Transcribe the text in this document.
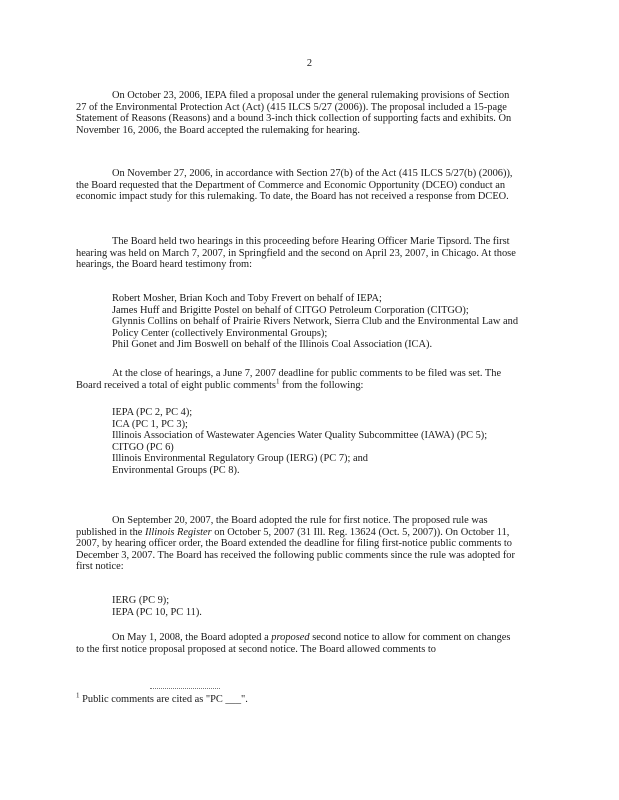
2

On October 23, 2006, IEPA filed a proposal under the general rulemaking provisions of Section 27 of the Environmental Protection Act (Act) (415 ILCS 5/27 (2006)). The proposal included a 15-page Statement of Reasons (Reasons) and a bound 3-inch thick collection of supporting facts and exhibits. On November 16, 2006, the Board accepted the rulemaking for hearing.

On November 27, 2006, in accordance with Section 27(b) of the Act (415 ILCS 5/27(b) (2006)), the Board requested that the Department of Commerce and Economic Opportunity (DCEO) conduct an economic impact study for this rulemaking. To date, the Board has not received a response from DCEO.

The Board held two hearings in this proceeding before Hearing Officer Marie Tipsord. The first hearing was held on March 7, 2007, in Springfield and the second on April 23, 2007, in Chicago. At those hearings, the Board heard testimony from:

Robert Mosher, Brian Koch and Toby Frevert on behalf of IEPA;
James Huff and Brigitte Postel on behalf of CITGO Petroleum Corporation (CITGO);
Glynnis Collins on behalf of Prairie Rivers Network, Sierra Club and the Environmental Law and Policy Center (collectively Environmental Groups);
Phil Gonet and Jim Boswell on behalf of the Illinois Coal Association (ICA).

At the close of hearings, a June 7, 2007 deadline for public comments to be filed was set. The Board received a total of eight public comments$^1$ from the following:

IEPA (PC 2, PC 4);
ICA (PC 1, PC 3);
Illinois Association of Wastewater Agencies Water Quality Subcommittee (IAWA) (PC 5);
CITGO (PC 6)
Illinois Environmental Regulatory Group (IERG) (PC 7); and
Environmental Groups (PC 8).

On September 20, 2007, the Board adopted the rule for first notice. The proposed rule was published in the Illinois Register on October 5, 2007 (31 Ill. Reg. 13624 (Oct. 5, 2007)). On October 11, 2007, by hearing officer order, the Board extended the deadline for filing first-notice public comments to December 3, 2007. The Board has received the following public comments since the rule was adopted for first notice:

IERG (PC 9);
IEPA (PC 10, PC 11).

On May 1, 2008, the Board adopted a proposed second notice to allow for comment on changes to the first notice proposal proposed at second notice. The Board allowed comments to

$^1$ Public comments are cited as "PC ___".
